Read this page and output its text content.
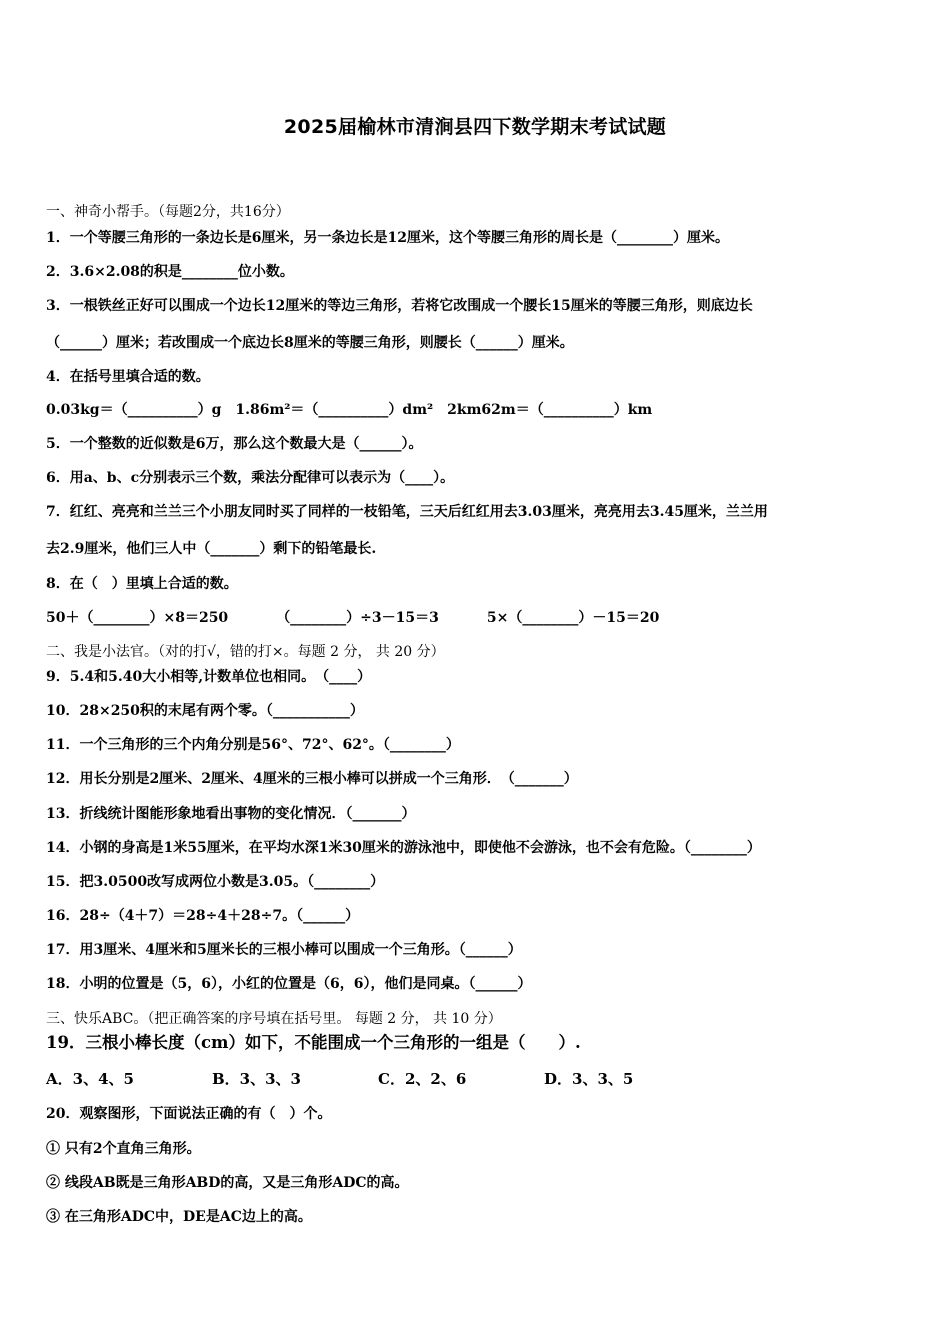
2025届榆林市清涧县四下数学期末考试试题
一、神奇小帮手。（每题2分，共16分）
1．一个等腰三角形的一条边长是6厘米，另一条边长是12厘米，这个等腰三角形的周长是（________）厘米。
2．3.6×2.08的积是________位小数。
3．一根铁丝正好可以围成一个边长12厘米的等边三角形，若将它改围成一个腰长15厘米的等腰三角形，则底边长
（______）厘米；若改围成一个底边长8厘米的等腰三角形，则腰长（______）厘米。
4．在括号里填合适的数。
0.03kg＝（__________）g 1.86m²＝（__________）dm² 2km62m＝（__________）km
5．一个整数的近似数是6万，那么这个数最大是（______）。
6．用a、b、c分别表示三个数，乘法分配律可以表示为（____）。
7．红红、亮亮和兰兰三个小朋友同时买了同样的一枝铅笔，三天后红红用去3.03厘米，亮亮用去3.45厘米，兰兰用
去2.9厘米，他们三人中（_______）剩下的铅笔最长.
8．在（　）里填上合适的数。
50＋（________）×8＝250	（________）÷3－15＝3	5×（________）－15＝20
二、我是小法官。（对的打√，错的打×。每题 2 分， 共 20 分）
9．5.4和5.40大小相等,计数单位也相同。　（____）
10．28×250积的末尾有两个零。（___________）
11．一个三角形的三个内角分别是56°、72°、62°。（________）
12．用长分别是2厘米、2厘米、4厘米的三根小棒可以拼成一个三角形．　（_______）
13．折线统计图能形象地看出事物的变化情况．（_______）
14．小钢的身高是1米55厘米，在平均水深1米30厘米的游泳池中，即使他不会游泳，也不会有危险。（________）
15．把3.0500改写成两位小数是3.05。（________）
16．28÷（4＋7）＝28÷4＋28÷7。（______）
17．用3厘米、4厘米和5厘米长的三根小棒可以围成一个三角形。（______）
18．小明的位置是（5，6），小红的位置是（6，6），他们是同桌。（______）
三、快乐ABC。（把正确答案的序号填在括号里。 每题 2 分， 共 10 分）
19．三根小棒长度（cm）如下，不能围成一个三角形的一组是（　　）.
A．3、4、5	B．3、3、3	C．2、2、6	D．3、3、5
20．观察图形，下面说法正确的有（　）个。
① 只有2个直角三角形。
② 线段AB既是三角形ABD的高，又是三角形ADC的高。
③ 在三角形ADC中，DE是AC边上的高。
